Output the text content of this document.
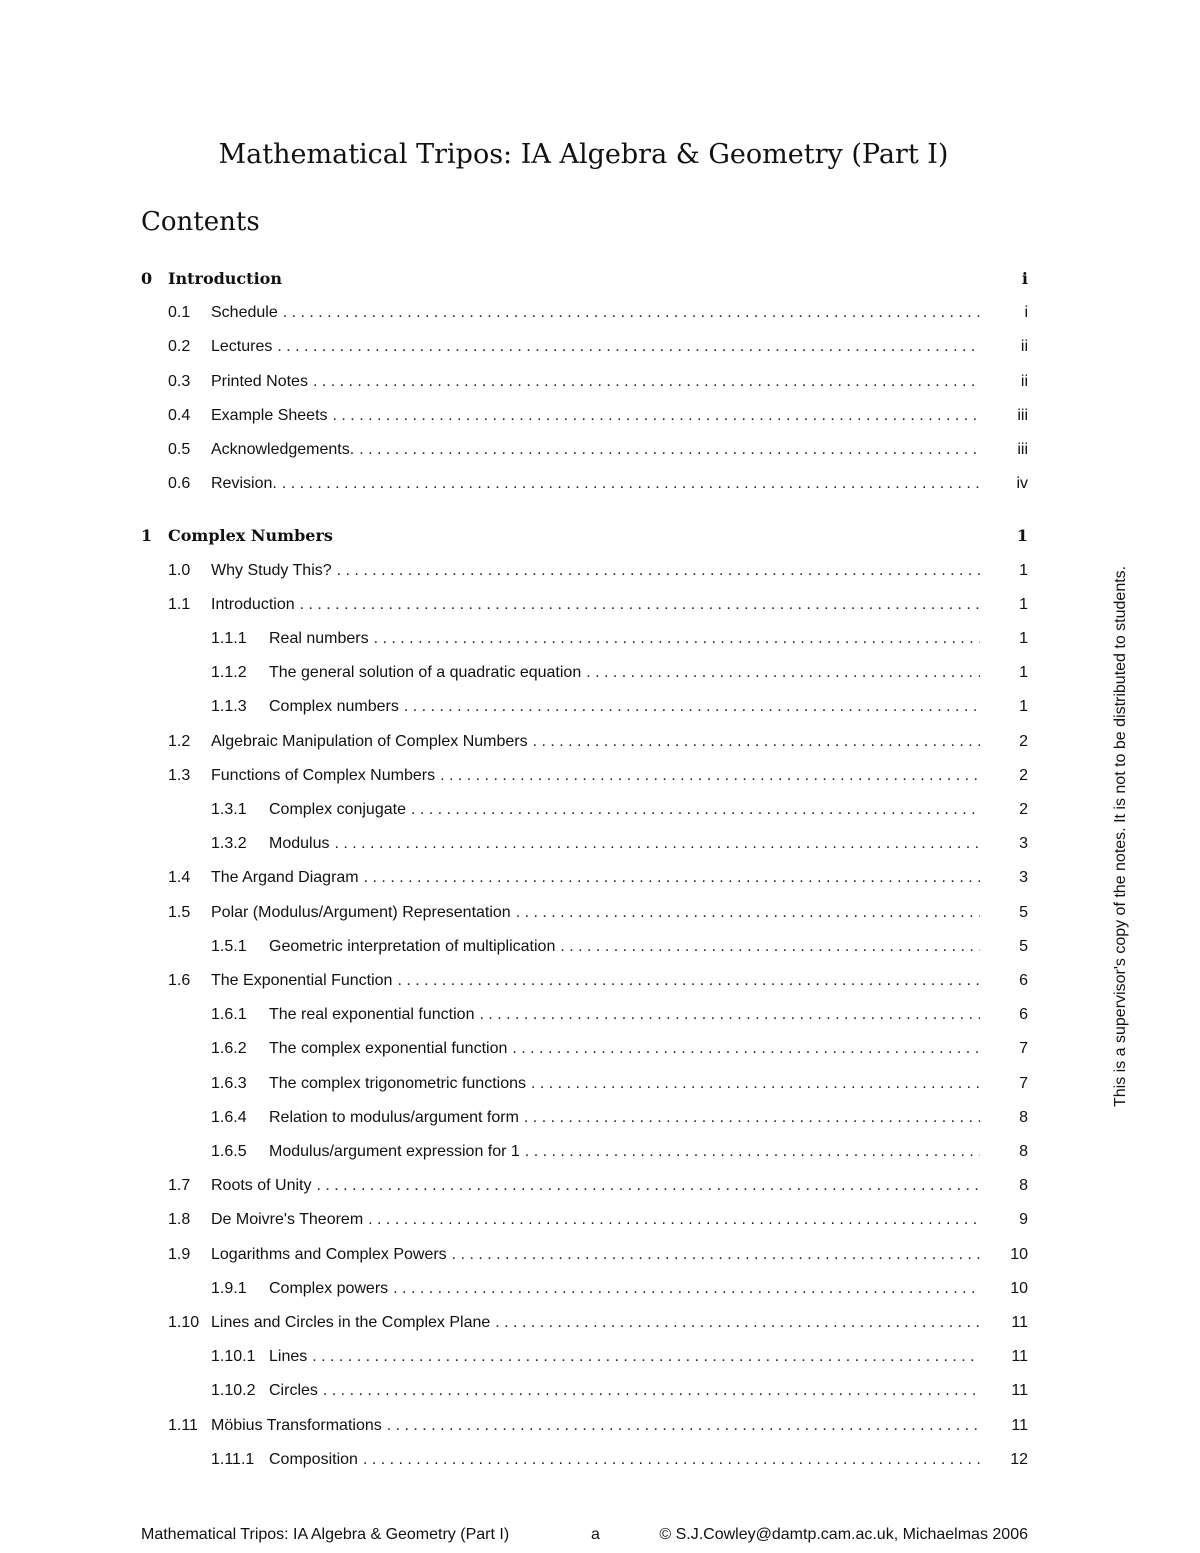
Mathematical Tripos: IA Algebra & Geometry (Part I)
Contents
0 Introduction	i
0.1	Schedule . . .	i
0.2	Lectures . . .	ii
0.3	Printed Notes . . .	ii
0.4	Example Sheets . . .	iii
0.5	Acknowledgements. . . .	iii
0.6	Revision. . . .	iv
1 Complex Numbers	1
1.0	Why Study This? . . .	1
1.1	Introduction . . .	1
1.1.1	Real numbers . . .	1
1.1.2	The general solution of a quadratic equation . . .	1
1.1.3	Complex numbers . . .	1
1.2	Algebraic Manipulation of Complex Numbers . . .	2
1.3	Functions of Complex Numbers . . .	2
1.3.1	Complex conjugate . . .	2
1.3.2	Modulus . . .	3
1.4	The Argand Diagram . . .	3
1.5	Polar (Modulus/Argument) Representation . . .	5
1.5.1	Geometric interpretation of multiplication . . .	5
1.6	The Exponential Function . . .	6
1.6.1	The real exponential function . . .	6
1.6.2	The complex exponential function . . .	7
1.6.3	The complex trigonometric functions . . .	7
1.6.4	Relation to modulus/argument form . . .	8
1.6.5	Modulus/argument expression for 1 . . .	8
1.7	Roots of Unity . . .	8
1.8	De Moivre's Theorem . . .	9
1.9	Logarithms and Complex Powers . . .	10
1.9.1	Complex powers . . .	10
1.10 Lines and Circles in the Complex Plane . . .	11
1.10.1 Lines . . .	11
1.10.2 Circles . . .	11
1.11 Möbius Transformations . . .	11
1.11.1 Composition . . .	12
This is a supervisor's copy of the notes. It is not to be distributed to students.
Mathematical Tripos: IA Algebra & Geometry (Part I)	a	© S.J.Cowley@damtp.cam.ac.uk, Michaelmas 2006
